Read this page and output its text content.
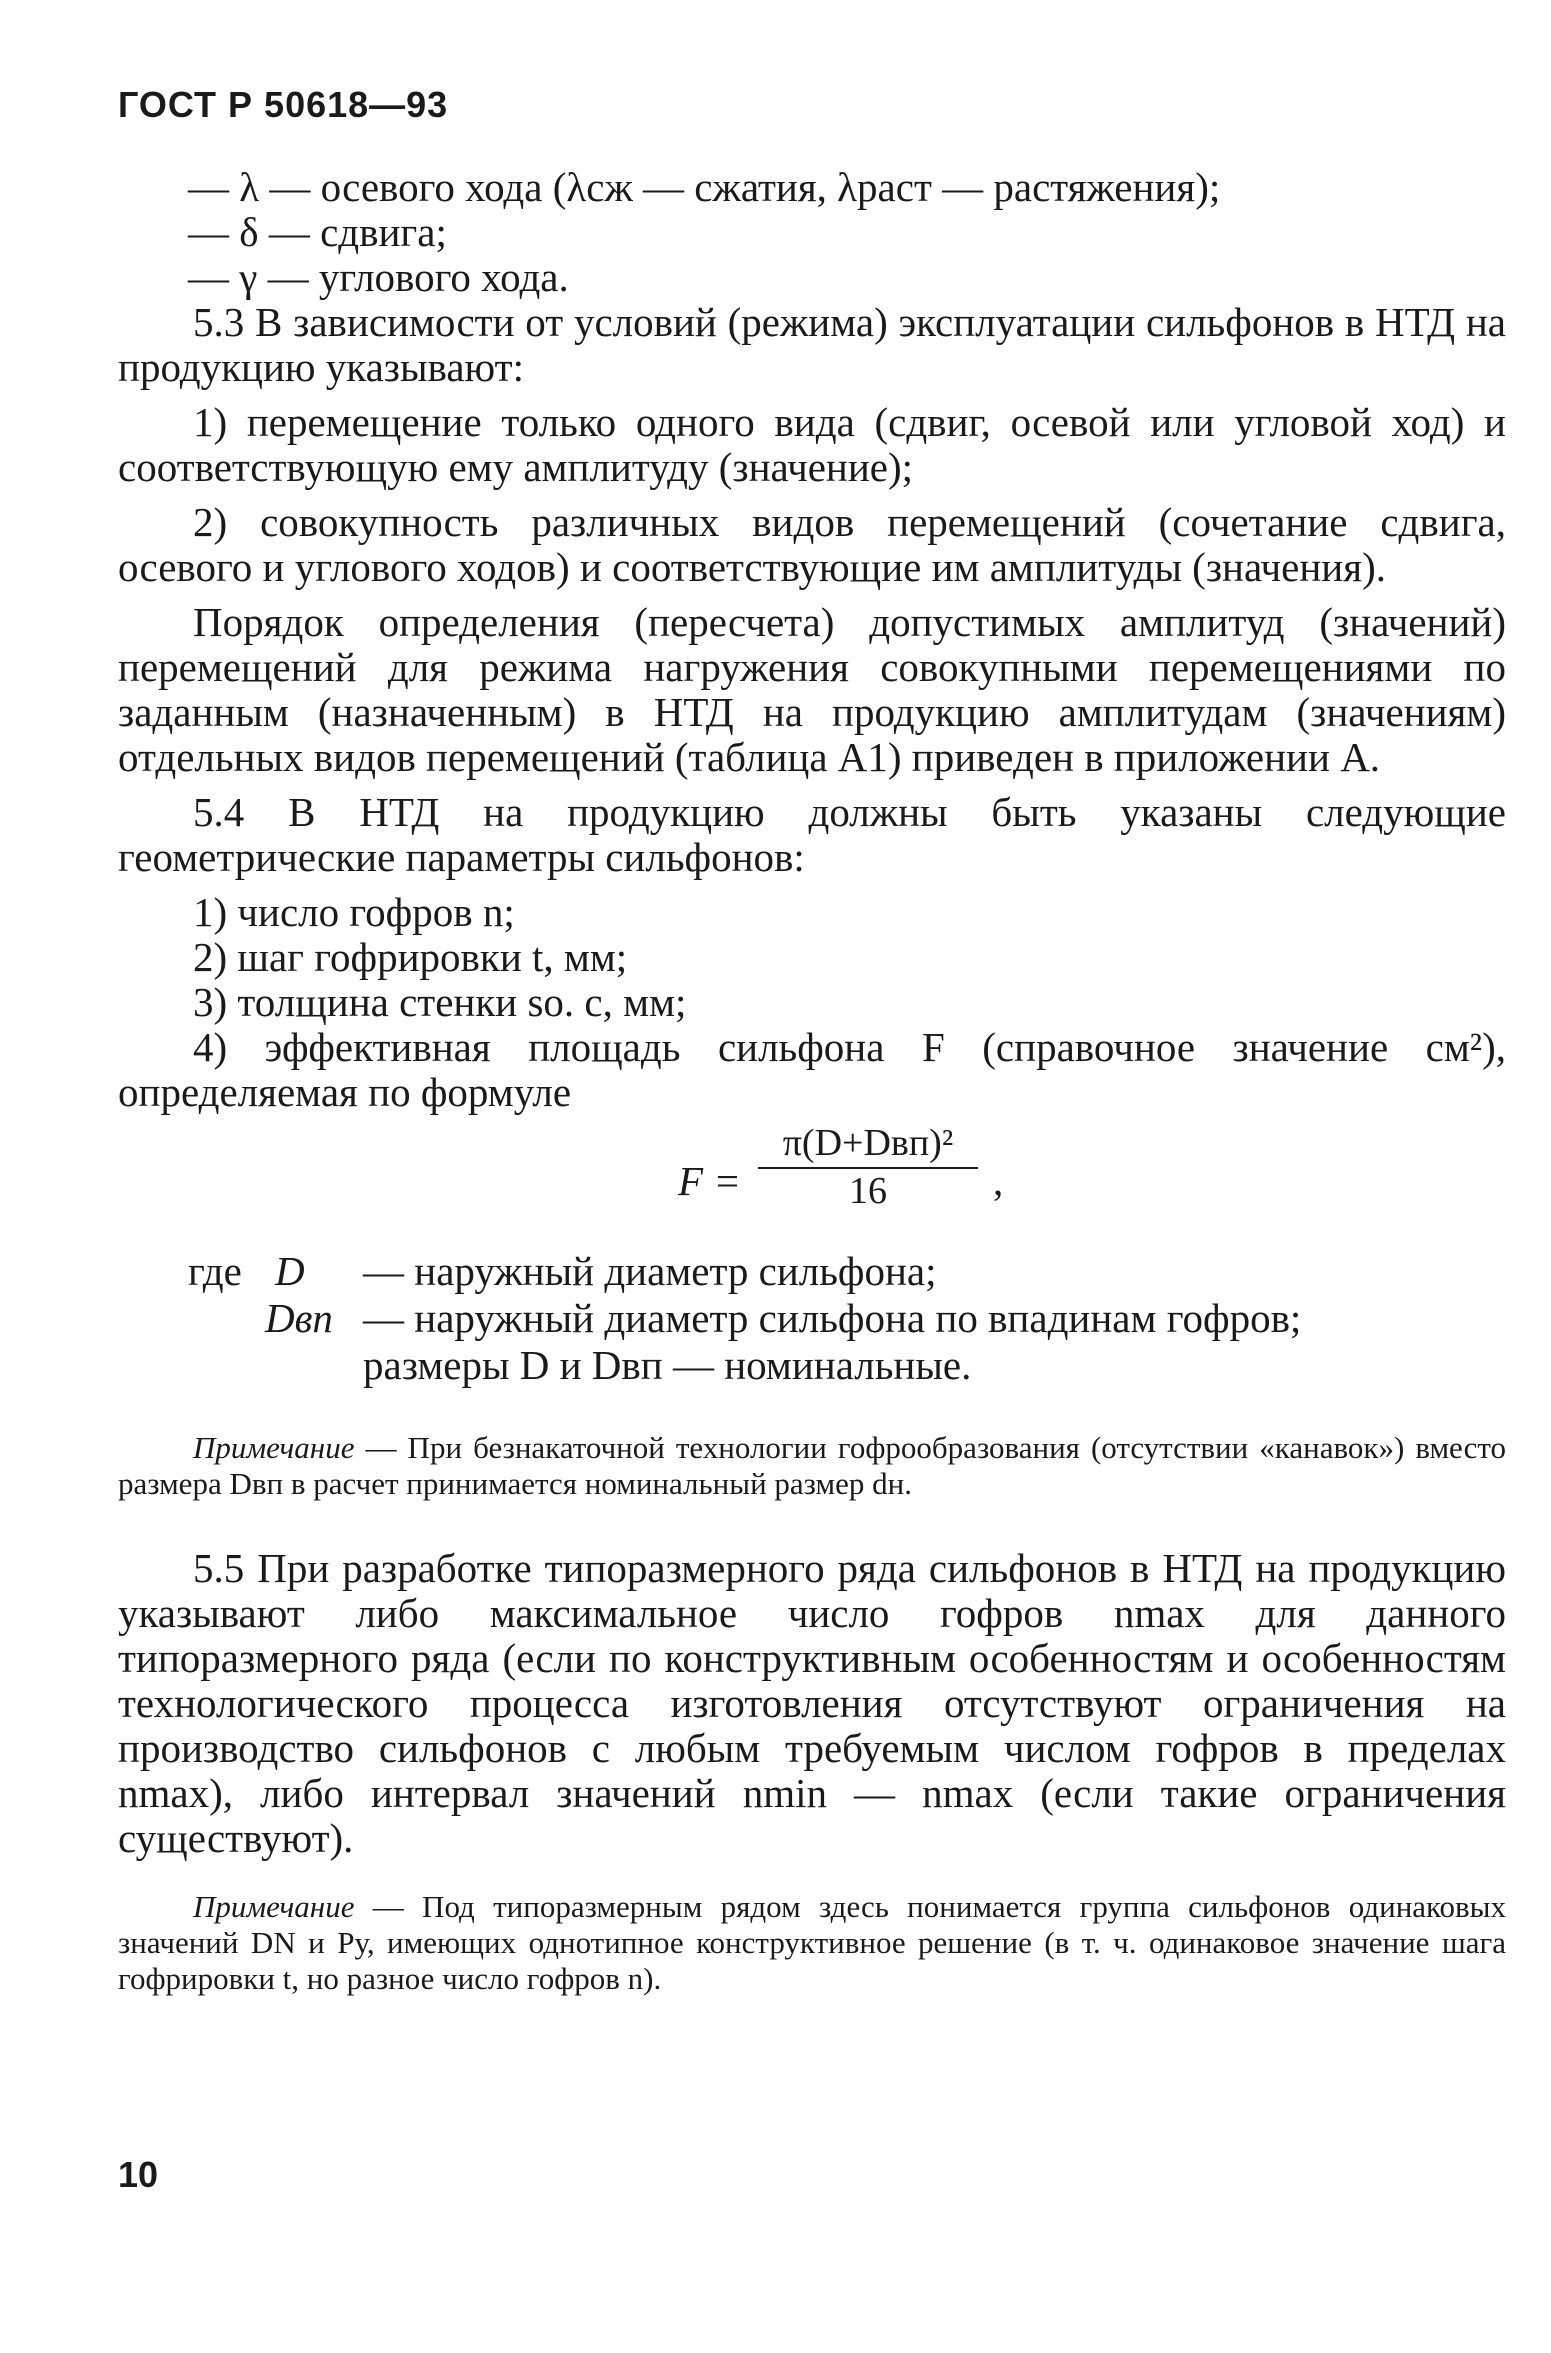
ГОСТ Р 50618—93

— λ — осевого хода (λсж — сжатия, λраст — растяжения);

— δ — сдвига;

— γ — углового хода.

5.3 В зависимости от условий (режима) эксплуатации сильфонов в НТД на продукцию указывают:

1) перемещение только одного вида (сдвиг, осевой или угловой ход) и соответствующую ему амплитуду (значение);

2) совокупность различных видов перемещений (сочетание сдвига, осевого и углового ходов) и соответствующие им амплитуды (значения).

Порядок определения (пересчета) допустимых амплитуд (значений) перемещений для режима нагружения совокупными перемещениями по заданным (назначенным) в НТД на продукцию амплитудам (значениям) отдельных видов перемещений (таблица А1) приведен в приложении А.

5.4 В НТД на продукцию должны быть указаны следующие геометрические параметры сильфонов:

1) число гофров n;

2) шаг гофрировки t, мм;

3) толщина стенки sо. с, мм;

4) эффективная площадь сильфона F (справочное значение см²), определяемая по формуле

F =
π(D+Dвп)²
16	,
где D — наружный диаметр сильфона;
Dвп — наружный диаметр сильфона по впадинам гофров;
размеры D и Dвп — номинальные.

Примечание — При безнакаточной технологии гофрообразования (отсутствии «канавок») вместо размера Dвп в расчет принимается номинальный размер dн.

5.5 При разработке типоразмерного ряда сильфонов в НТД на продукцию указывают либо максимальное число гофров nmax для данного типоразмерного ряда (если по конструктивным особенностям и особенностям технологического процесса изготовления отсутствуют ограничения на производство сильфонов с любым требуемым числом гофров в пределах nmax), либо интервал значений nmin — nmax (если такие ограничения существуют).

Примечание — Под типоразмерным рядом здесь понимается группа сильфонов одинаковых значений DN и Pу, имеющих однотипное конструктивное решение (в т. ч. одинаковое значение шага гофрировки t, но разное число гофров n).

10
